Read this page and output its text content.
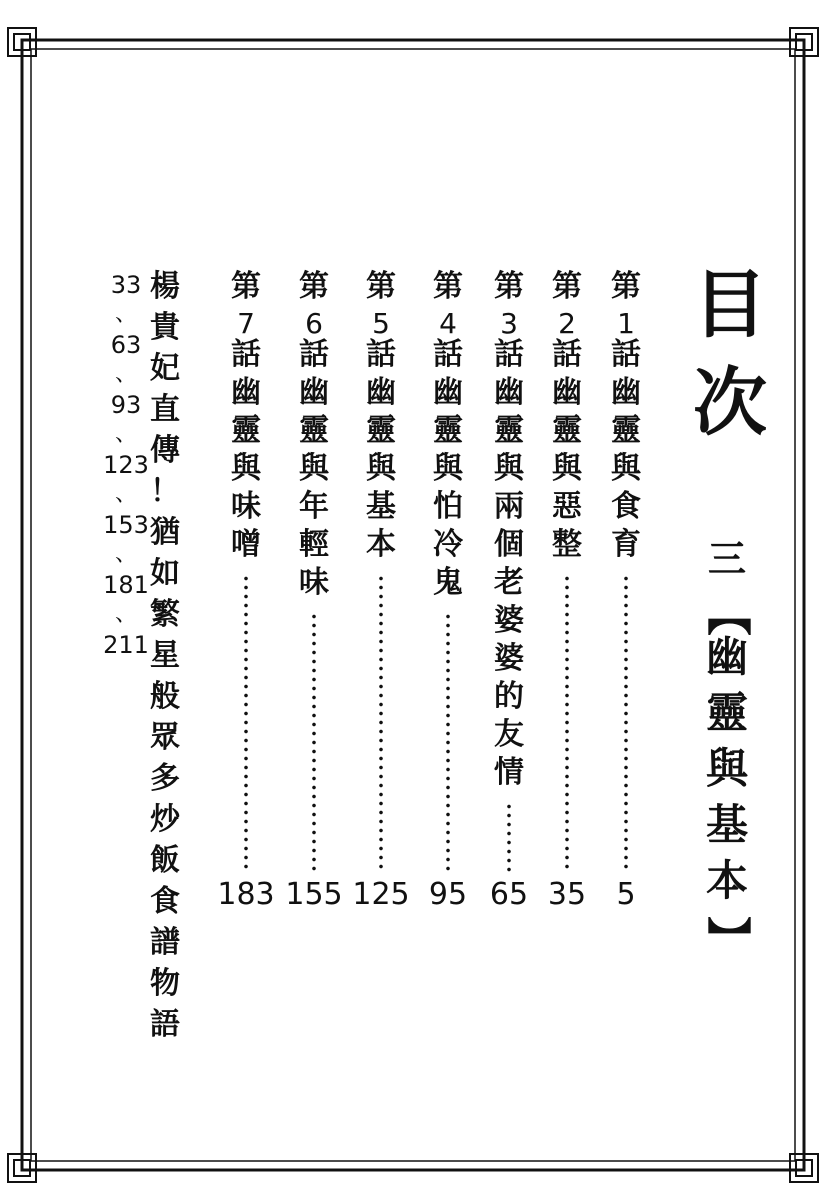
目
次
三
【
幽
靈
與
基
本
】
第
1
話
幽
靈
與
食
育
5
第
2
話
幽
靈
與
惡
整
35
第
3
話
幽
靈
與
兩
個
老
婆
婆
的
友
情
65
第
4
話
幽
靈
與
怕
冷
鬼
95
第
5
話
幽
靈
與
基
本
125
第
6
話
幽
靈
與
年
輕
味
155
第
7
話
幽
靈
與
味
噌
183
楊
貴
妃
直
傳
！
猶
如
繁
星
般
眾
多
炒
飯
食
譜
物
語
33
、
63
、
93
、
123
、
153
、
181
、
211
